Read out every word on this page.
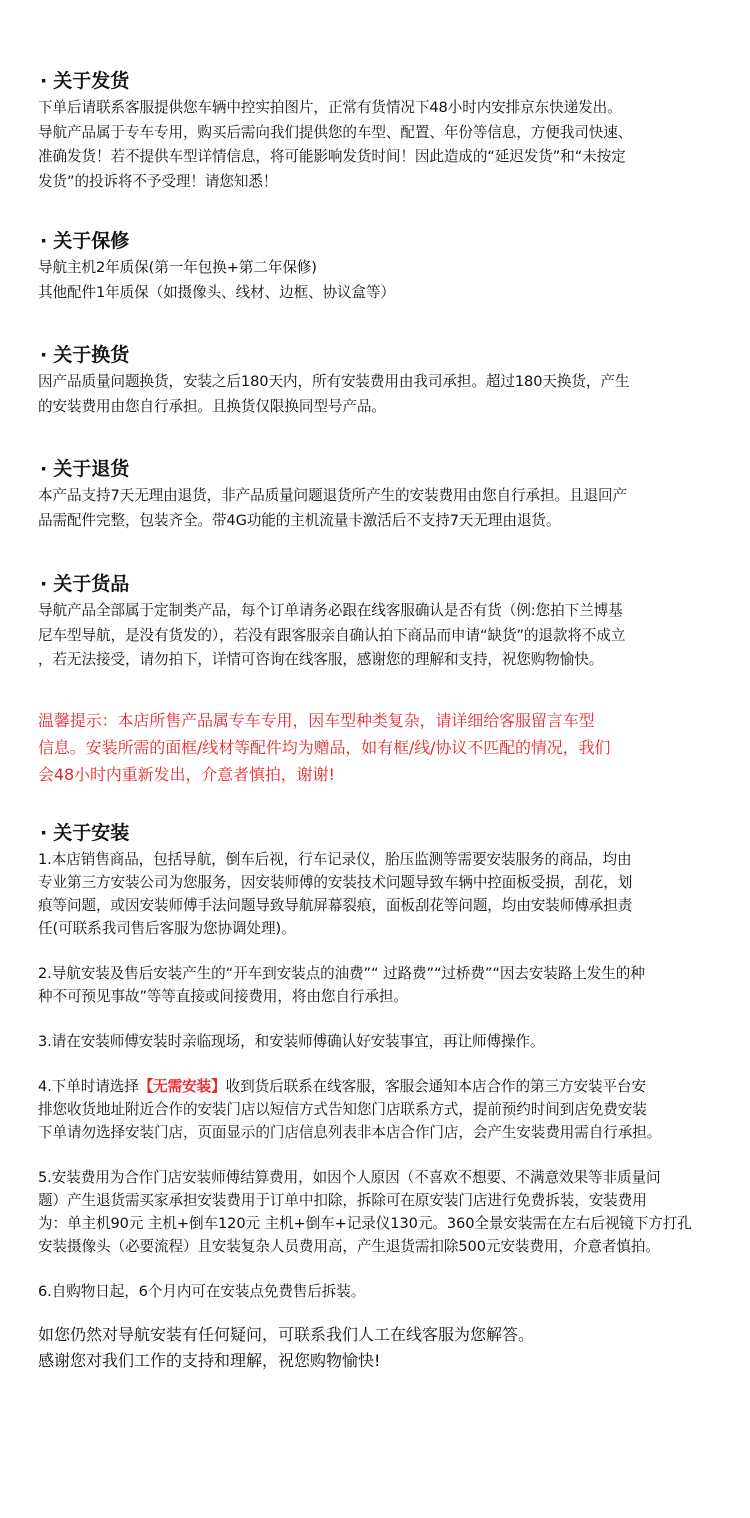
· 关于发货

下单后请联系客服提供您车辆中控实拍图片，正常有货情况下48小时内安排京东快递发出。

导航产品属于专车专用，购买后需向我们提供您的车型、配置、年份等信息，方便我司快速、

准确发货！若不提供车型详情信息，将可能影响发货时间！因此造成的“延迟发货”和“未按定

发货”的投诉将不予受理！请您知悉！

· 关于保修

导航主机2年质保(第一年包换+第二年保修)

其他配件1年质保（如摄像头、线材、边框、协议盒等）

· 关于换货

因产品质量问题换货，安装之后180天内，所有安装费用由我司承担。超过180天换货，产生

的安装费用由您自行承担。且换货仅限换同型号产品。

· 关于退货

本产品支持7天无理由退货，非产品质量问题退货所产生的安装费用由您自行承担。且退回产

品需配件完整，包装齐全。带4G功能的主机流量卡激活后不支持7天无理由退货。

· 关于货品

导航产品全部属于定制类产品，每个订单请务必跟在线客服确认是否有货（例:您拍下兰博基

尼车型导航，是没有货发的），若没有跟客服亲自确认拍下商品而申请“缺货”的退款将不成立

，若无法接受，请勿拍下，详情可咨询在线客服，感谢您的理解和支持，祝您购物愉快。

温馨提示：本店所售产品属专车专用，因车型种类复杂，请详细给客服留言车型

信息。安装所需的面框/线材等配件均为赠品，如有框/线/协议不匹配的情况，我们

会48小时内重新发出，介意者慎拍，谢谢!

· 关于安装

1.本店销售商品，包括导航，倒车后视，行车记录仪，胎压监测等需要安装服务的商品，均由

专业第三方安装公司为您服务，因安装师傅的安装技术问题导致车辆中控面板受损，刮花，划

痕等问题，或因安装师傅手法问题导致导航屏幕裂痕，面板刮花等问题，均由安装师傅承担责

任(可联系我司售后客服为您协调处理)。

2.导航安装及售后安装产生的“开车到安装点的油费”“ 过路费”“过桥费”“因去安装路上发生的种

种不可预见事故”等等直接或间接费用，将由您自行承担。

3.请在安装师傅安装时亲临现场，和安装师傅确认好安装事宜，再让师傅操作。

4.下单时请选择【无需安装】收到货后联系在线客服，客服会通知本店合作的第三方安装平台安

排您收货地址附近合作的安装门店以短信方式告知您门店联系方式，提前预约时间到店免费安装

下单请勿选择安装门店，页面显示的门店信息列表非本店合作门店，会产生安装费用需自行承担。

5.安装费用为合作门店安装师傅结算费用，如因个人原因（不喜欢不想要、不满意效果等非质量问

题）产生退货需买家承担安装费用于订单中扣除，拆除可在原安装门店进行免费拆装，安装费用

为：单主机90元 主机+倒车120元 主机+倒车+记录仪130元。360全景安装需在左右后视镜下方打孔

安装摄像头（必要流程）且安装复杂人员费用高，产生退货需扣除500元安装费用，介意者慎拍。

6.自购物日起，6个月内可在安装点免费售后拆装。

如您仍然对导航安装有任何疑问，可联系我们人工在线客服为您解答。

感谢您对我们工作的支持和理解，祝您购物愉快!
